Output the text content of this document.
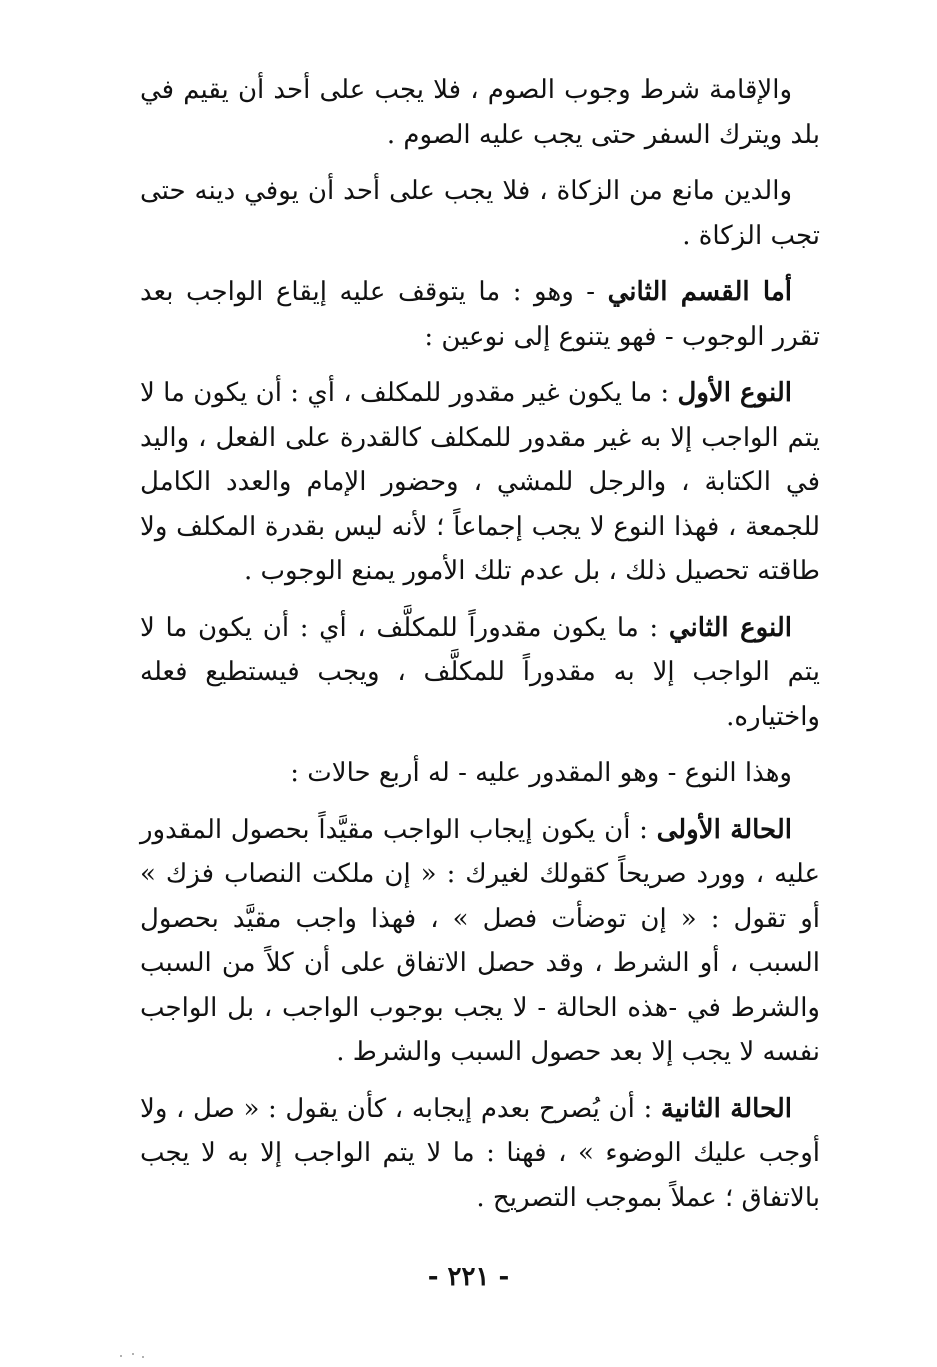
والإقامة شرط وجوب الصوم ، فلا يجب على أحد أن يقيم في بلد ويترك السفر حتى يجب عليه الصوم .

والدين مانع من الزكاة ، فلا يجب على أحد أن يوفي دينه حتى تجب الزكاة .

أما القسم الثاني - وهو : ما يتوقف عليه إيقاع الواجب بعد تقرر الوجوب - فهو يتنوع إلى نوعين :

النوع الأول : ما يكون غير مقدور للمكلف ، أي : أن يكون ما لا يتم الواجب إلا به غير مقدور للمكلف كالقدرة على الفعل ، واليد في الكتابة ، والرجل للمشي ، وحضور الإمام والعدد الكامل للجمعة ، فهذا النوع لا يجب إجماعاً ؛ لأنه ليس بقدرة المكلف ولا طاقته تحصيل ذلك ، بل عدم تلك الأمور يمنع الوجوب .

النوع الثاني : ما يكون مقدوراً للمكلَّف ، أي : أن يكون ما لا يتم الواجب إلا به مقدوراً للمكلَّف ، ويجب فيستطيع فعله واختياره.

وهذا النوع - وهو المقدور عليه - له أربع حالات :

الحالة الأولى : أن يكون إيجاب الواجب مقيَّداً بحصول المقدور عليه ، وورد صريحاً كقولك لغيرك : « إن ملكت النصاب فزك » أو تقول : « إن توضأت فصل » ، فهذا واجب مقيَّد بحصول السبب ، أو الشرط ، وقد حصل الاتفاق على أن كلاً من السبب والشرط في -هذه الحالة - لا يجب بوجوب الواجب ، بل الواجب نفسه لا يجب إلا بعد حصول السبب والشرط .

الحالة الثانية : أن يُصرح بعدم إيجابه ، كأن يقول : « صل ، ولا أوجب عليك الوضوء » ، فهنا : ما لا يتم الواجب إلا به لا يجب بالاتفاق ؛ عملاً بموجب التصريح .

- ٢٢١ -
